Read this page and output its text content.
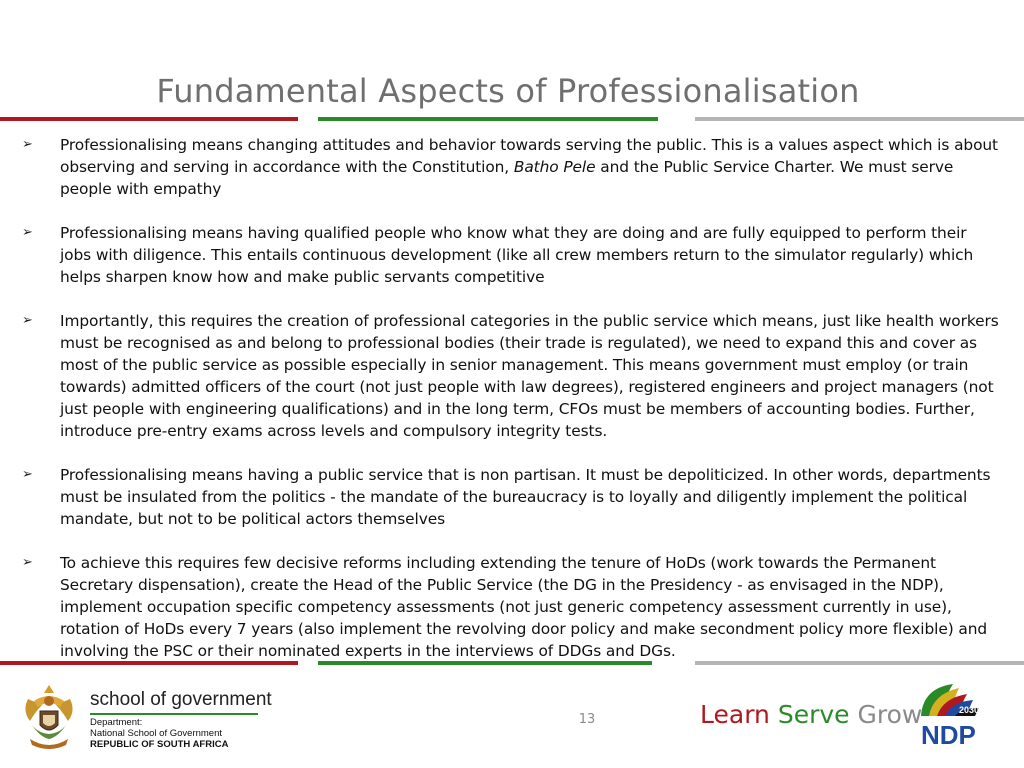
Fundamental Aspects of Professionalisation
➢	Professionalising means changing attitudes and behavior towards serving the public. This is a values aspect which is about observing and serving in accordance with the Constitution, Batho Pele and the Public Service Charter. We must serve people with empathy
➢	Professionalising means having qualified people who know what they are doing and are fully equipped to perform their jobs with diligence. This entails continuous development (like all crew members return to the simulator regularly) which helps sharpen know how and make public servants competitive
➢	Importantly, this requires the creation of professional categories in the public service which means, just like health workers must be recognised as and belong to professional bodies (their trade is regulated), we need to expand this and cover as most of the public service as possible especially in senior management. This means government must employ (or train towards) admitted officers of the court (not just people with law degrees), registered engineers and project managers (not just people with engineering qualifications) and in the long term, CFOs must be members of accounting bodies. Further, introduce pre-entry exams across levels and compulsory integrity tests.
➢	Professionalising means having a public service that is non partisan. It must be depoliticized. In other words, departments must be insulated from the politics - the mandate of the bureaucracy is to loyally and diligently implement the political mandate, but not to be political actors themselves
➢	To achieve this requires few decisive reforms including extending the tenure of HoDs (work towards the Permanent Secretary dispensation), create the Head of the Public Service (the DG in the Presidency - as envisaged in the NDP), implement occupation specific competency assessments (not just generic competency assessment currently in use), rotation of HoDs every 7 years (also implement the revolving door policy and make secondment policy more flexible) and involving the PSC or their nominated experts in the interviews of DDGs and DGs.
school of government
Department:
National School of Government
REPUBLIC OF SOUTH AFRICA
13	Learn Serve Grow	2030
NDP
